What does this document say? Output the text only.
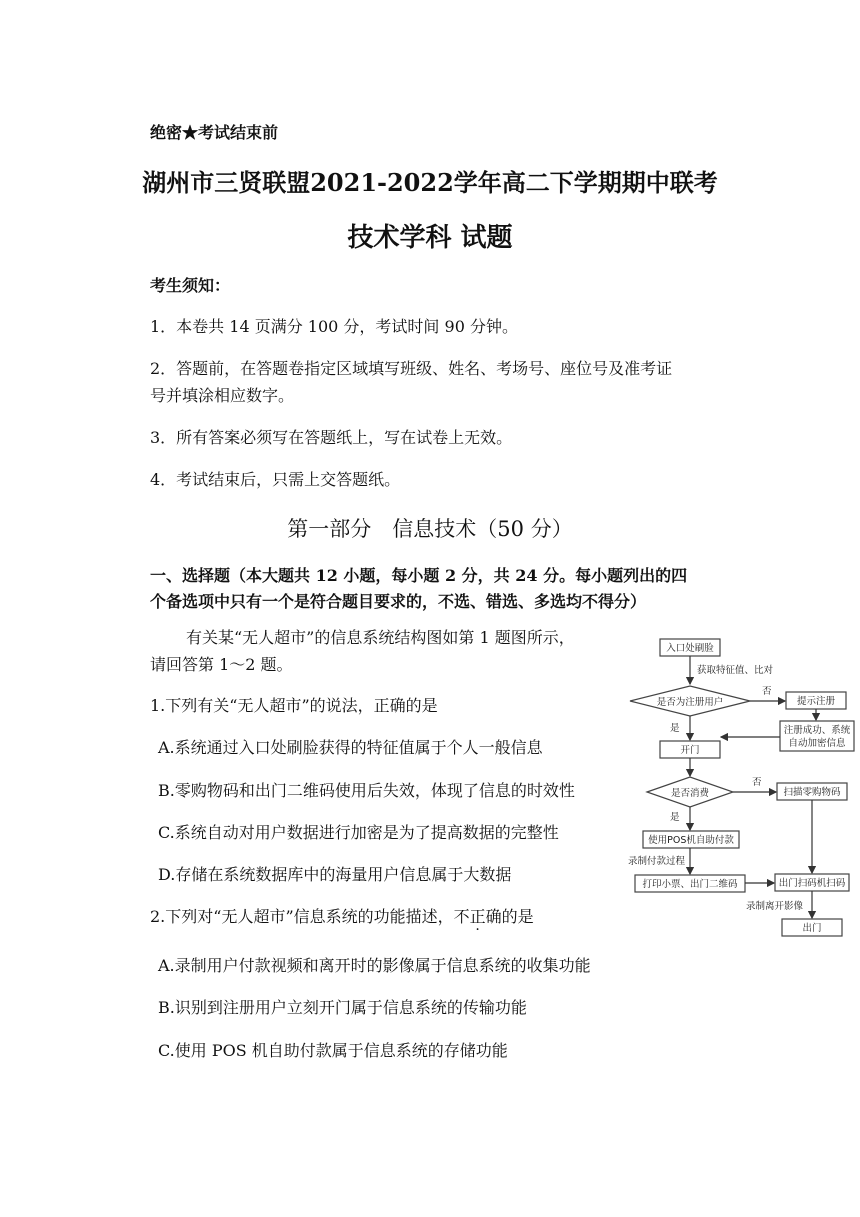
绝密★考试结束前
湖州市三贤联盟2021-2022学年高二下学期期中联考
技术学科 试题
考生须知：
1．本卷共 14 页满分 100 分，考试时间 90 分钟。
2．答题前，在答题卷指定区域填写班级、姓名、考场号、座位号及准考证
号并填涂相应数字。
3．所有答案必须写在答题纸上，写在试卷上无效。
4．考试结束后，只需上交答题纸。
第一部分　信息技术（50 分）
一、选择题（本大题共 12 小题，每小题 2 分，共 24 分。每小题列出的四
个备选项中只有一个是符合题目要求的，不选、错选、多选均不得分）
有关某“无人超市”的信息系统结构图如第 1 题图所示，
请回答第 1～2 题。
1.下列有关“无人超市”的说法，正确的是
A.系统通过入口处刷脸获得的特征值属于个人一般信息
B.零购物码和出门二维码使用后失效，体现了信息的时效性
C.系统自动对用户数据进行加密是为了提高数据的完整性
D.存储在系统数据库中的海量用户信息属于大数据
2.下列对“无人超市”信息系统的功能描述，不正确的是
A.录制用户付款视频和离开时的影像属于信息系统的收集功能
B.识别到注册用户立刻开门属于信息系统的传输功能
C.使用 POS 机自助付款属于信息系统的存储功能
入口处刷脸
获取特征值、比对
是否为注册用户
否
提示注册
注册成功、系统
自动加密信息
是
开门
是否消费
否
扫描零购物码
是
使用POS机自助付款
录制付款过程
打印小票、出门二维码	出门扫码机扫码
录制离开影像
出门
